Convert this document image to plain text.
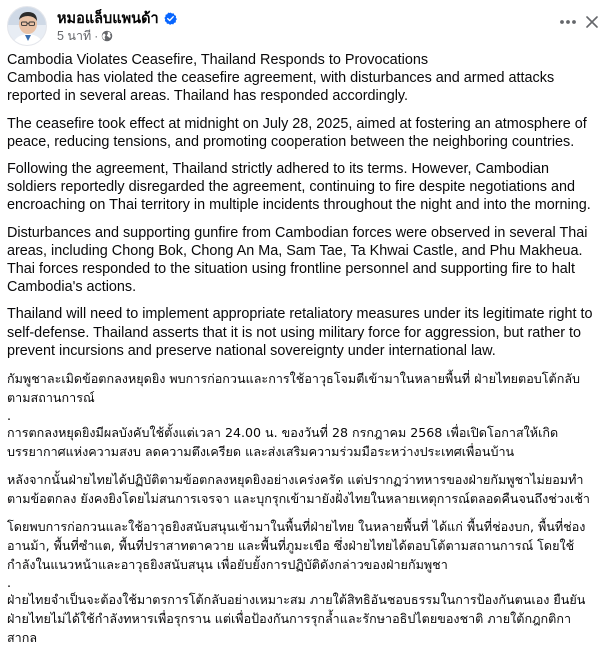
หมอแล็บแพนด้า
5 นาที ·

Cambodia Violates Ceasefire, Thailand Responds to Provocations

Cambodia has violated the ceasefire agreement, with disturbances and armed attacks reported in several areas. Thailand has responded accordingly.

The ceasefire took effect at midnight on July 28, 2025, aimed at fostering an atmosphere of peace, reducing tensions, and promoting cooperation between the neighboring countries.

Following the agreement, Thailand strictly adhered to its terms. However, Cambodian soldiers reportedly disregarded the agreement, continuing to fire despite negotiations and encroaching on Thai territory in multiple incidents throughout the night and into the morning.

Disturbances and supporting gunfire from Cambodian forces were observed in several Thai areas, including Chong Bok, Chong An Ma, Sam Tae, Ta Khwai Castle, and Phu Makheua. Thai forces responded to the situation using frontline personnel and supporting fire to halt Cambodia's actions.

Thailand will need to implement appropriate retaliatory measures under its legitimate right to self-defense. Thailand asserts that it is not using military force for aggression, but rather to prevent incursions and preserve national sovereignty under international law.

กัมพูชาละเมิดข้อตกลงหยุดยิง พบการก่อกวนและการใช้อาวุธโจมตีเข้ามาในหลายพื้นที่ ฝ่ายไทยตอบโต้กลับตามสถานการณ์

.

การตกลงหยุดยิงมีผลบังคับใช้ตั้งแต่เวลา 24.00 น. ของวันที่ 28 กรกฎาคม 2568 เพื่อเปิดโอกาสให้เกิดบรรยากาศแห่งความสงบ ลดความตึงเครียด และส่งเสริมความร่วมมือระหว่างประเทศเพื่อนบ้าน

หลังจากนั้นฝ่ายไทยได้ปฏิบัติตามข้อตกลงหยุดยิงอย่างเคร่งครัด แต่ปรากฏว่าทหารของฝ่ายกัมพูชาไม่ยอมทำตามข้อตกลง ยังคงยิงโดยไม่สนการเจรจา และบุกรุกเข้ามายังฝั่งไทยในหลายเหตุการณ์ตลอดคืนจนถึงช่วงเช้า

โดยพบการก่อกวนและใช้อาวุธยิงสนับสนุนเข้ามาในพื้นที่ฝ่ายไทย ในหลายพื้นที่ ได้แก่ พื้นที่ช่องบก, พื้นที่ช่องอานม้า, พื้นที่ซำแต, พื้นที่ปราสาทตาควาย และพื้นที่ภูมะเขือ ซึ่งฝ่ายไทยได้ตอบโต้ตามสถานการณ์ โดยใช้กำลังในแนวหน้าและอาวุธยิงสนับสนุน เพื่อยับยั้งการปฏิบัติดังกล่าวของฝ่ายกัมพูชา

.

ฝ่ายไทยจำเป็นจะต้องใช้มาตรการโต้กลับอย่างเหมาะสม ภายใต้สิทธิอันชอบธรรมในการป้องกันตนเอง ยืนยันฝ่ายไทยไม่ได้ใช้กำลังทหารเพื่อรุกราน แต่เพื่อป้องกันการรุกล้ำและรักษาอธิปไตยของชาติ ภายใต้กฎกติกาสากล
